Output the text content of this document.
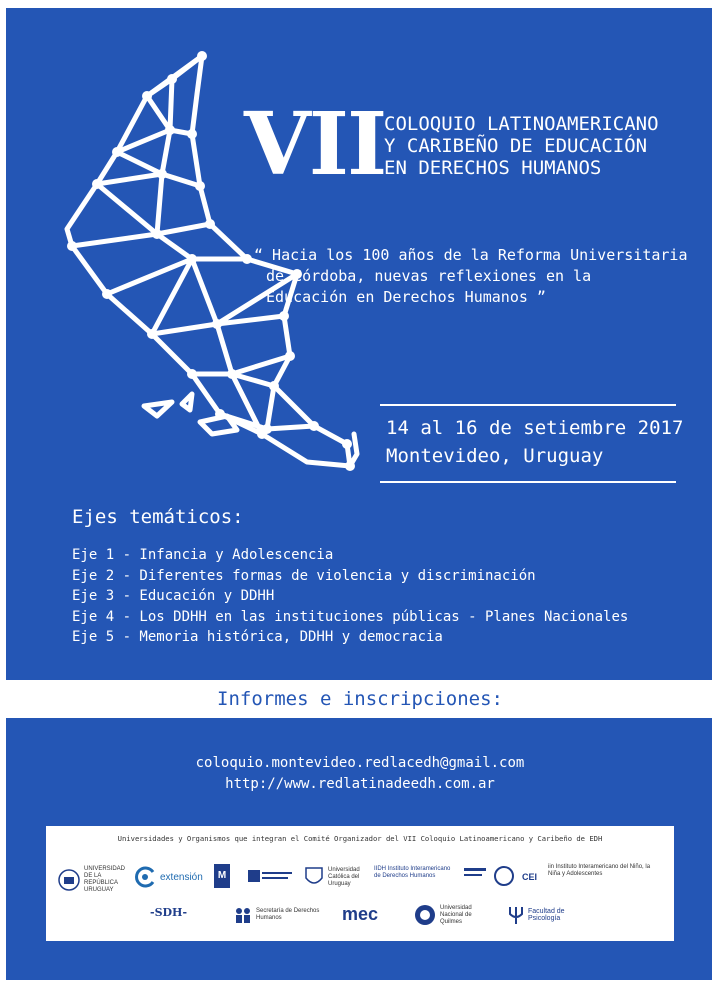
VII
COLOQUIO LATINOAMERICANO
Y CARIBEÑO DE EDUCACIÓN
EN DERECHOS HUMANOS
“ Hacia los 100 años de la Reforma Universitaria
de Córdoba, nuevas reflexiones en la
Educación en Derechos Humanos ”
14 al 16 de setiembre 2017
Montevideo, Uruguay
Ejes temáticos:
Eje 1 - Infancia y Adolescencia
Eje 2 - Diferentes formas de violencia y discriminación
Eje 3 - Educación y DDHH
Eje 4 - Los DDHH en las instituciones públicas - Planes Nacionales
Eje 5 - Memoria histórica, DDHH y democracia
Informes e inscripciones:
coloquio.montevideo.redlacedh@gmail.com
http://www.redlatinadeedh.com.ar
Universidades y Organismos que integran el Comité Organizador del VII Coloquio Latinoamericano y Caribeño de EDH
UNIVERSIDAD DE LA REPÚBLICA URUGUAY
extensión	M
Universidad Católica del Uruguay
IIDH Instituto Interamericano de Derechos Humanos	CEI
iin Instituto Interamericano del Niño, la Niña y Adolescentes
-SDH-	Secretaría de Derechos Humanos	mec	Universidad Nacional de Quilmes
Facultad de Psicología
